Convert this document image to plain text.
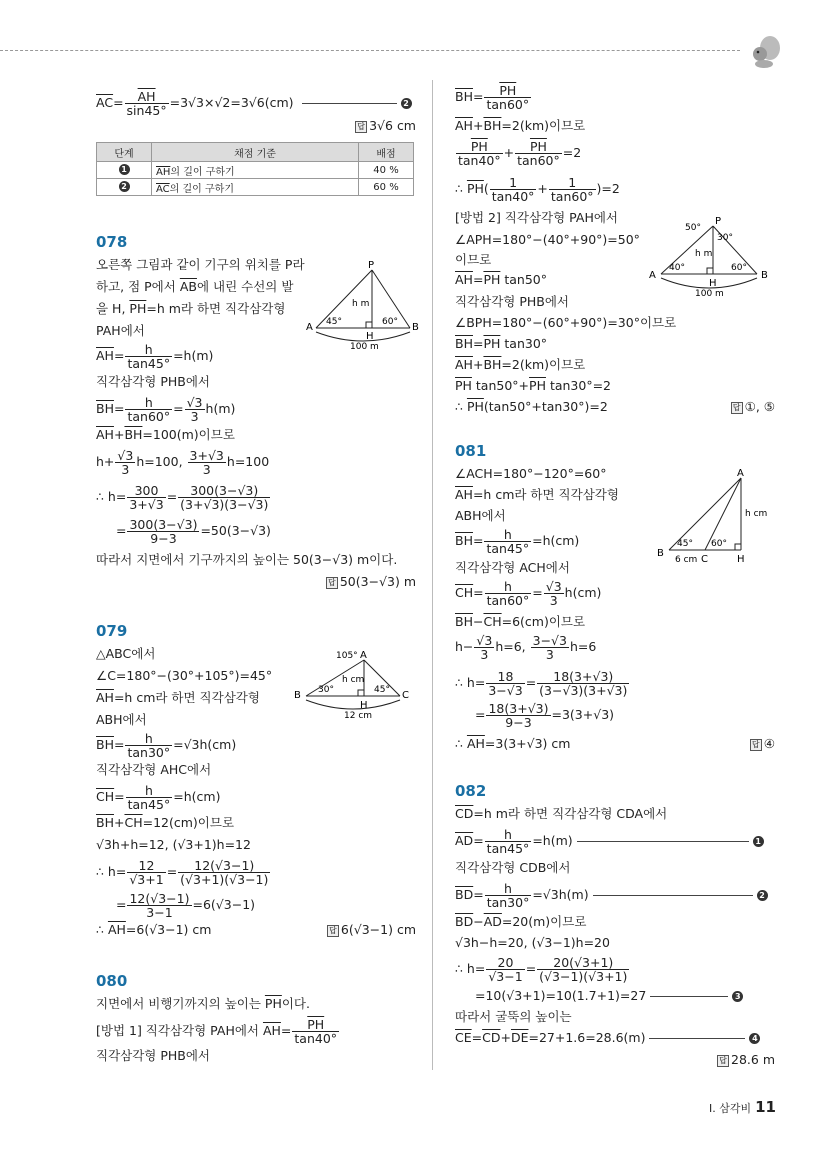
$\overline{AC}= \frac{\overline{AH}}{\sin 45^\circ} =3√3\times√2=3√6(cm)$	2
답 3√6 cm
단계	채점 기준	배점
1	$\overline{AH}$의 길이 구하기	40 %
2	$\overline{AC}$의 길이 구하기	60 %
078
오른쪽 그림과 같이 기구의 위치를 P라
하고, 점 P에서 $\overline{AB}$에 내린 수선의 발
을 H, $\overline{PH}=h$ m라 하면 직각삼각형
PAH에서
P
A	B
H
45°	60°
h m
100 m
$\overline{AH}= \frac{h}{\tan 45^\circ} =h(m)$
직각삼각형 PHB에서
$\overline{BH}= \frac{h}{\tan 60^\circ} = \frac{√3}{3} h(m)$
$\overline{AH}+\overline{BH}=100(m)$이므로
$h+ \frac{√3}{3} h=100$, $\frac{3+√3}{3} h=100$
∴ $h= \frac{300}{3+√3} = \frac{300(3-√3)}{(3+√3)(3-√3)}$
= $\frac{300(3-√3)}{9-3} =50(3-√3)$
따라서 지면에서 기구까지의 높이는 50(3−√3) m이다.
답 50(3−√3) m
079
△ABC에서
∠C=180°−(30°+105°)=45°
$\overline{AH}=h$ cm라 하면 직각삼각형
ABH에서
105° A
B	C
H
30°	45°
h cm
12 cm
$\overline{BH}= \frac{h}{\tan 30^\circ} =√3h(cm)$
직각삼각형 AHC에서
$\overline{CH}= \frac{h}{\tan 45^\circ} =h(cm)$
$\overline{BH}+\overline{CH}=12(cm)$이므로
√3h+h=12, (√3+1)h=12
∴ $h= \frac{12}{√3+1} = \frac{12(√3-1)}{(√3+1)(√3-1)}$
= $\frac{12(√3-1)}{3-1} =6(√3-1)$
∴ $\overline{AH}=6(√3-1)$ cm	답 6(√3−1) cm
080
지면에서 비행기까지의 높이는 $\overline{PH}$이다.
[방법 1] 직각삼각형 PAH에서 $\overline{AH}= \frac{\overline{PH}}{\tan 40^\circ}$
직각삼각형 PHB에서
$\overline{BH}= \frac{\overline{PH}}{\tan 60^\circ}$
$\overline{AH}+\overline{BH}=2(km)$이므로
$\frac{\overline{PH}}{\tan 40^\circ} + \frac{\overline{PH}}{\tan 60^\circ} =2$
∴ $\overline{PH}( \frac{1}{\tan 40^\circ} + \frac{1}{\tan 60^\circ} )=2$
[방법 2] 직각삼각형 PAH에서
∠APH=180°−(40°+90°)=50°
이므로
P
50°
30°
A	B
H
40°	60°
h m
100 m
$\overline{AH}=\overline{PH}$ tan50°
직각삼각형 PHB에서
∠BPH=180°−(60°+90°)=30°이므로
$\overline{BH}=\overline{PH}$ tan30°
$\overline{AH}+\overline{BH}=2(km)$이므로
$\overline{PH}$ $\tan 50^\circ+\overline{PH}$ tan30°=2
∴ $\overline{PH}(\tan 50^\circ+\tan 30^\circ)=2$	답 ①, ⑤
081
∠ACH=180°−120°=60°
$\overline{AH}=h$ cm라 하면 직각삼각형
ABH에서
A
B
C	H
45° 60°
h cm
6 cm
$\overline{BH}= \frac{h}{\tan 45^\circ} =h(cm)$
직각삼각형 ACH에서
$\overline{CH}= \frac{h}{\tan 60^\circ} = \frac{√3}{3} h(cm)$
$\overline{BH}-\overline{CH}=6(cm)$이므로
$h- \frac{√3}{3} h=6$, $\frac{3-√3}{3} h=6$
∴ $h= \frac{18}{3-√3} = \frac{18(3+√3)}{(3-√3)(3+√3)}$
= $\frac{18(3+√3)}{9-3} =3(3+√3)$
∴ $\overline{AH}=3(3+√3)$ cm	답 ④
082
$\overline{CD}=h$ m라 하면 직각삼각형 CDA에서
$\overline{AD}= \frac{h}{\tan 45^\circ} =h(m)$	1
직각삼각형 CDB에서
$\overline{BD}= \frac{h}{\tan 30^\circ} =√3h(m)$	2
$\overline{BD}-\overline{AD}=20(m)$이므로
√3h−h=20, (√3−1)h=20
∴ $h= \frac{20}{√3-1} = \frac{20(√3+1)}{(√3-1)(√3+1)}$
=10(√3+1)=10(1.7+1)=27	3
따라서 굴뚝의 높이는
$\overline{CE}=\overline{CD}+\overline{DE}=27+1.6=28.6(m)$	4
답 28.6 m
Ⅰ. 삼각비 11
